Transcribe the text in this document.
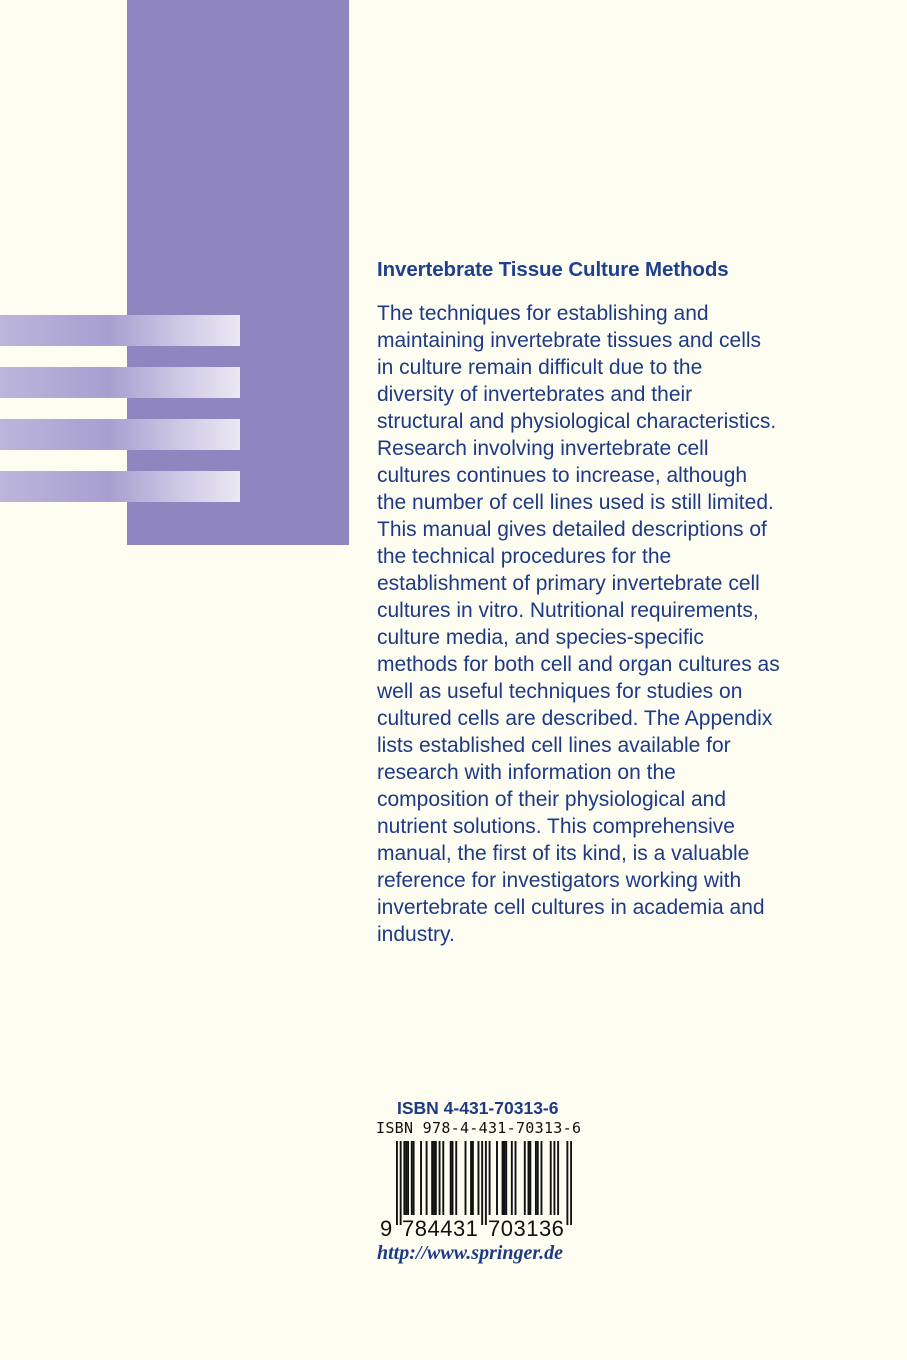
Invertebrate Tissue Culture Methods
The techniques for establishing and
maintaining invertebrate tissues and cells
in culture remain difficult due to the
diversity of invertebrates and their
structural and physiological characteristics.
Research involving invertebrate cell
cultures continues to increase, although
the number of cell lines used is still limited.
This manual gives detailed descriptions of
the technical procedures for the
establishment of primary invertebrate cell
cultures in vitro. Nutritional requirements,
culture media, and species-specific
methods for both cell and organ cultures as
well as useful techniques for studies on
cultured cells are described. The Appendix
lists established cell lines available for
research with information on the
composition of their physiological and
nutrient solutions. This comprehensive
manual, the first of its kind, is a valuable
reference for investigators working with
invertebrate cell cultures in academia and
industry.
ISBN 4-431-70313-6
ISBN 978-4-431-70313-6
9 784431 703136
http://www.springer.de
